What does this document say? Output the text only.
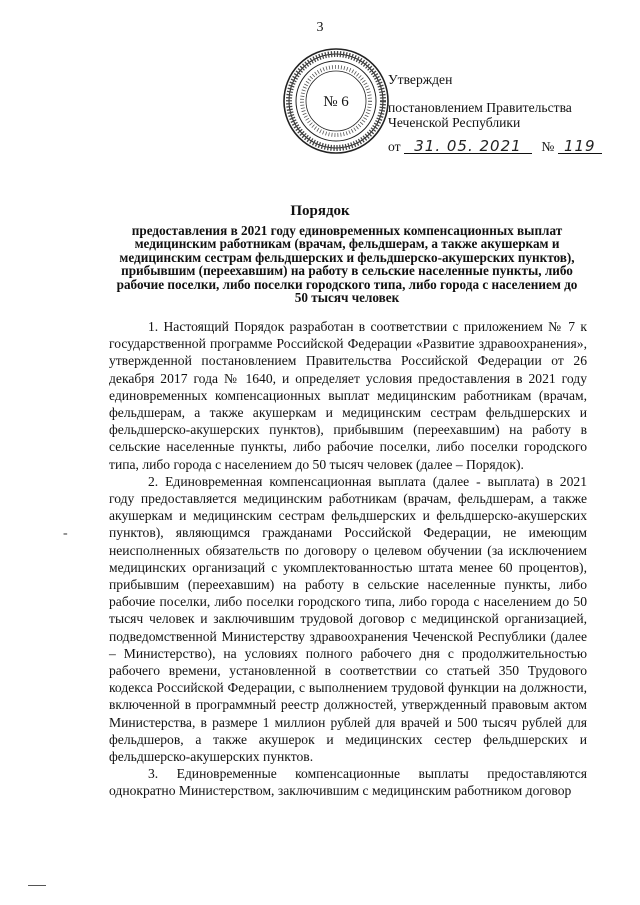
3
№ 6
Утвержден
постановлением Правительства
Чеченской Республики
от 31. 05. 2021 № 119
Порядок
предоставления в 2021 году единовременных компенсационных выплат медицинским работникам (врачам, фельдшерам, а также акушеркам и медицинским сестрам фельдшерских и фельдшерско-акушерских пунктов), прибывшим (переехавшим) на работу в сельские населенные пункты, либо рабочие поселки, либо поселки городского типа, либо города с населением до 50 тысяч человек

1. Настоящий Порядок разработан в соответствии с приложением № 7 к государственной программе Российской Федерации «Развитие здравоохранения», утвержденной постановлением Правительства Российской Федерации от 26 декабря 2017 года № 1640, и определяет условия предоставления в 2021 году единовременных компенсационных выплат медицинским работникам (врачам, фельдшерам, а также акушеркам и медицинским сестрам фельдшерских и фельдшерско-акушерских пунктов), прибывшим (переехавшим) на работу в сельские населенные пункты, либо рабочие поселки, либо поселки городского типа, либо города с населением до 50 тысяч человек (далее – Порядок).

2. Единовременная компенсационная выплата (далее - выплата) в 2021 году предоставляется медицинским работникам (врачам, фельдшерам, а также акушеркам и медицинским сестрам фельдшерских и фельдшерско-акушерских пунктов), являющимся гражданами Российской Федерации, не имеющим неисполненных обязательств по договору о целевом обучении (за исключением медицинских организаций с укомплектованностью штата менее 60 процентов), прибывшим (переехавшим) на работу в сельские населенные пункты, либо рабочие поселки, либо поселки городского типа, либо города с населением до 50 тысяч человек и заключившим трудовой договор с медицинской организацией, подведомственной Министерству здравоохранения Чеченской Республики (далее – Министерство), на условиях полного рабочего дня с продолжительностью рабочего времени, установленной в соответствии со статьей 350 Трудового кодекса Российской Федерации, с выполнением трудовой функции на должности, включенной в программный реестр должностей, утвержденный правовым актом Министерства, в размере 1 миллион рублей для врачей и 500 тысяч рублей для фельдшеров, а также акушерок и медицинских сестер фельдшерских и фельдшерско-акушерских пунктов.

3. Единовременные компенсационные выплаты предоставляются однократно Министерством, заключившим с медицинским работником договор

-
